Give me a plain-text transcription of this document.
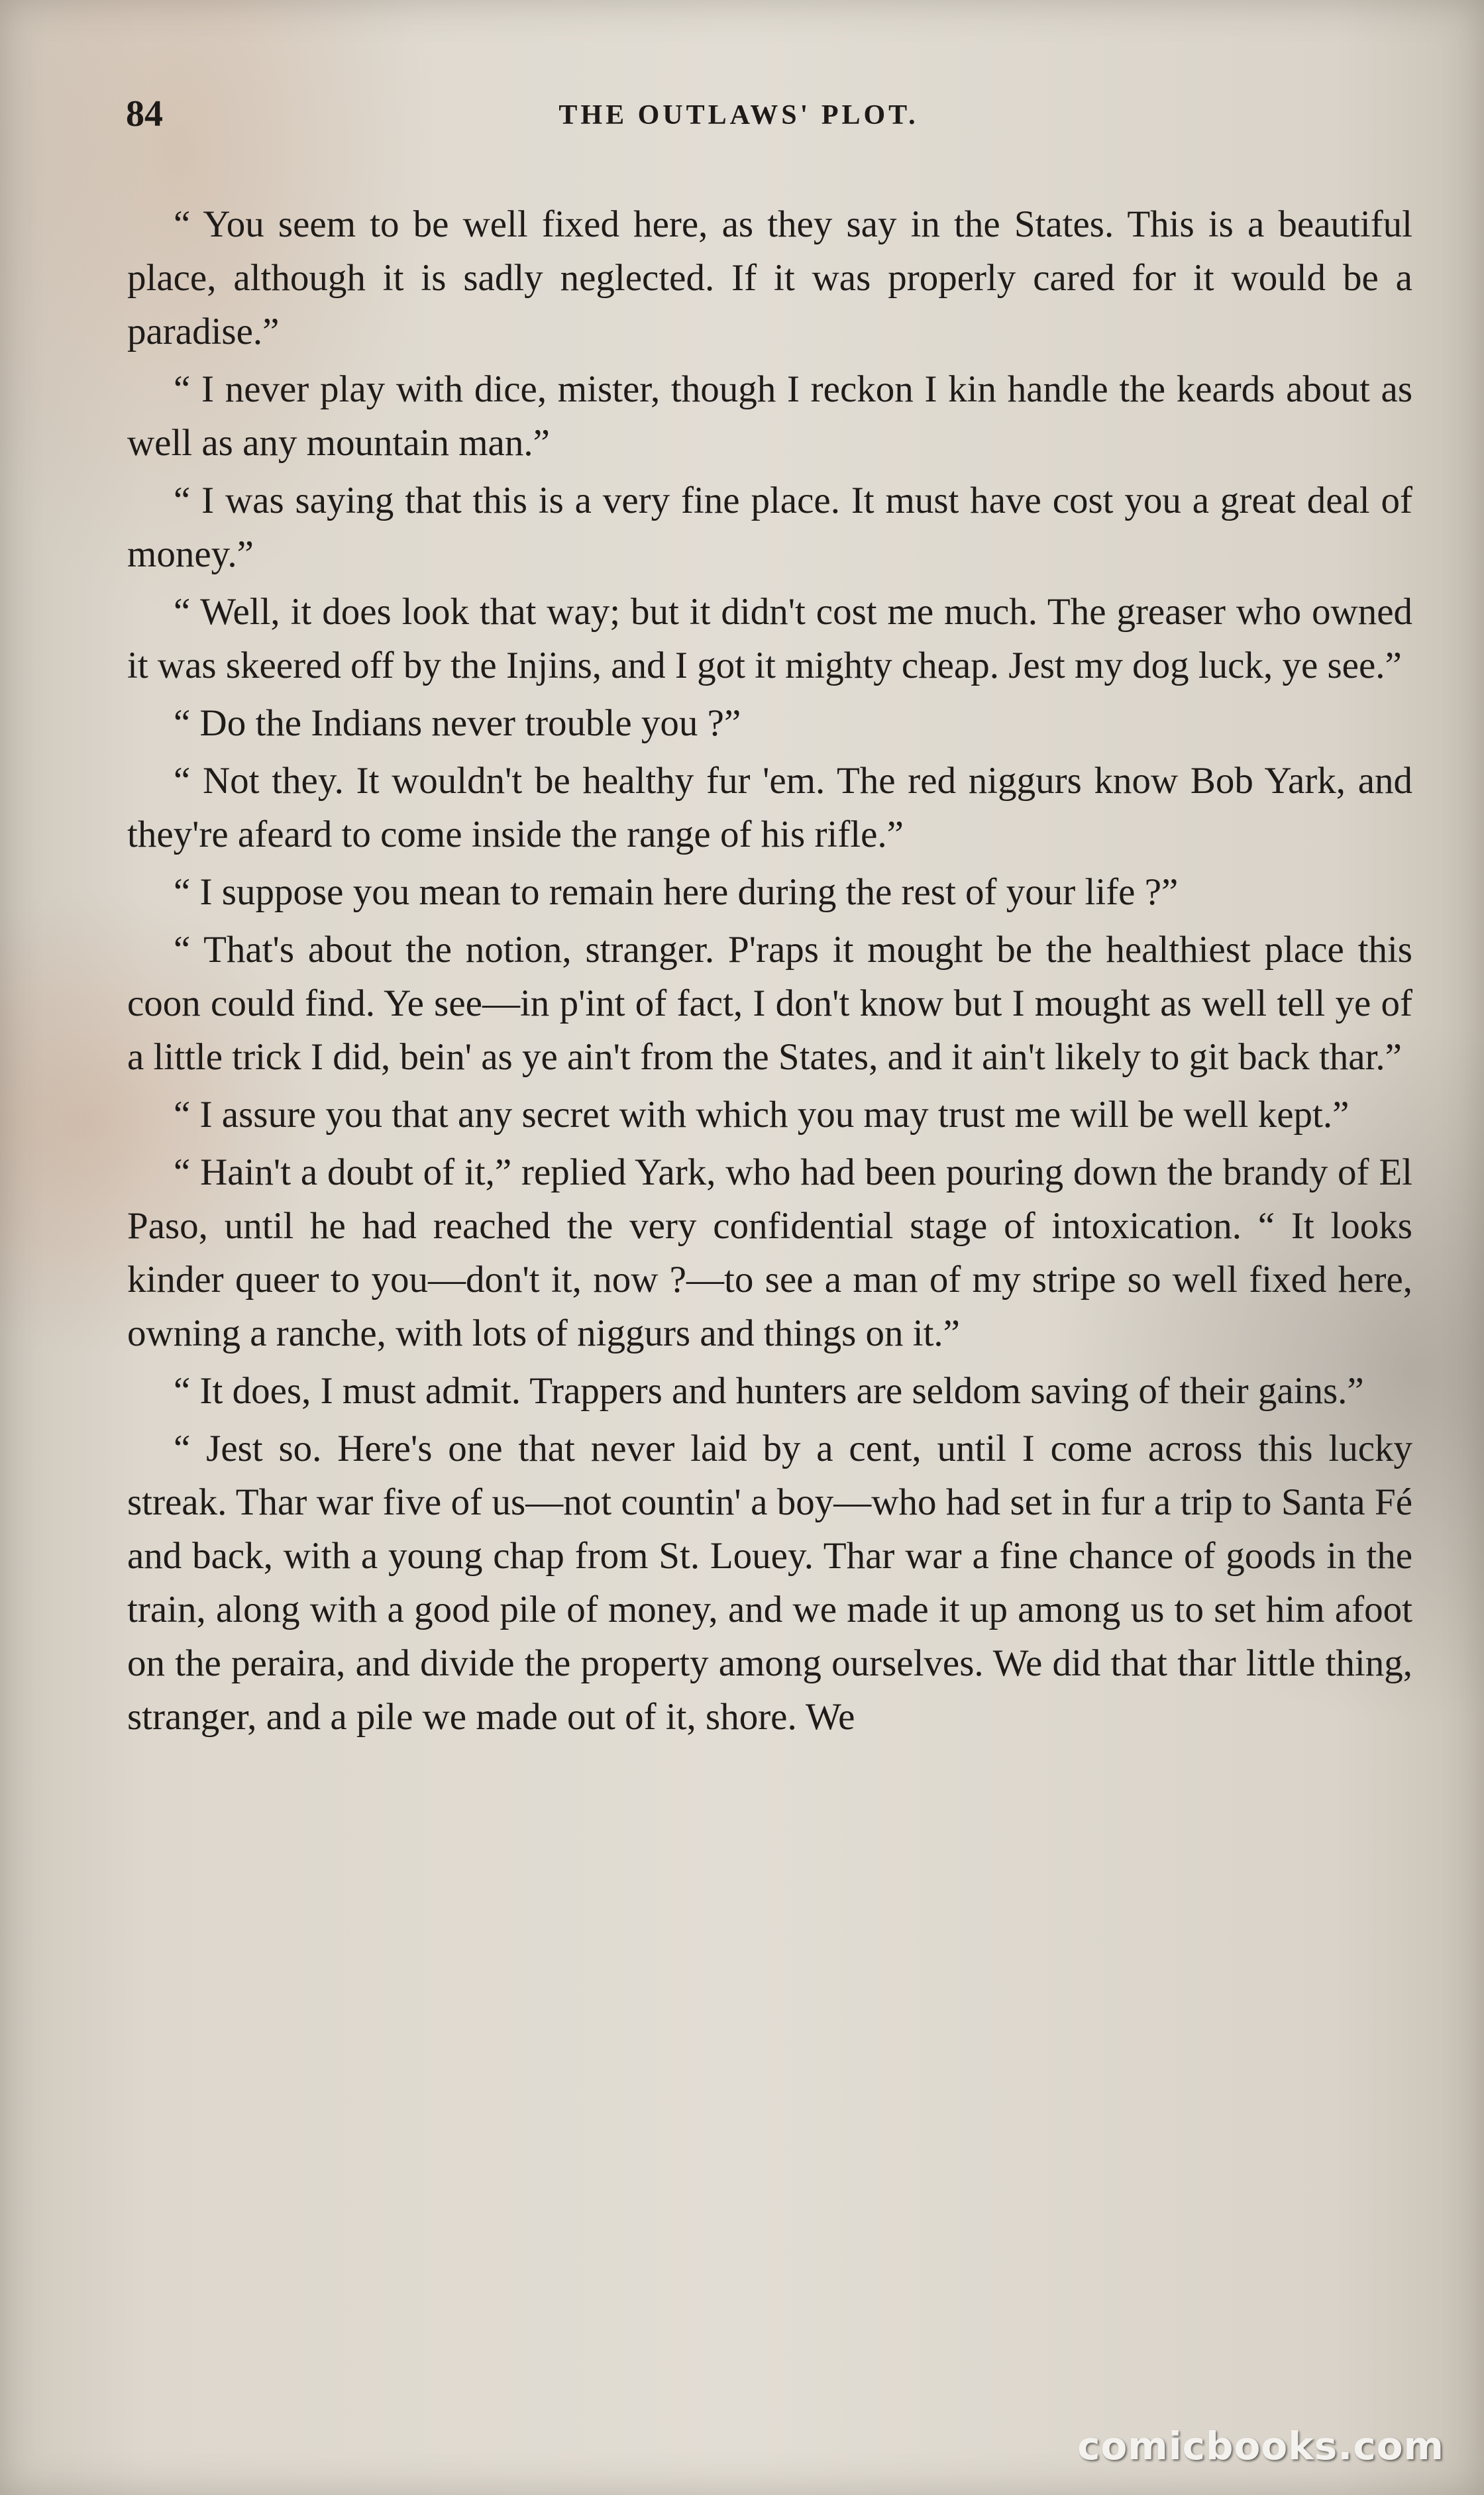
84	THE OUTLAWS' PLOT.

“ You seem to be well fixed here, as they say in the States. This is a beautiful place, although it is sadly neglected. If it was properly cared for it would be a paradise.”

“ I never play with dice, mister, though I reckon I kin handle the keards about as well as any mountain man.”

“ I was saying that this is a very fine place. It must have cost you a great deal of money.”

“ Well, it does look that way; but it didn't cost me much. The greaser who owned it was skeered off by the Injins, and I got it mighty cheap. Jest my dog luck, ye see.”

“ Do the Indians never trouble you ?”

“ Not they. It wouldn't be healthy fur 'em. The red niggurs know Bob Yark, and they're afeard to come inside the range of his rifle.”

“ I suppose you mean to remain here during the rest of your life ?”

“ That's about the notion, stranger. P'raps it mought be the healthiest place this coon could find. Ye see—in p'int of fact, I don't know but I mought as well tell ye of a little trick I did, bein' as ye ain't from the States, and it ain't likely to git back thar.”

“ I assure you that any secret with which you may trust me will be well kept.”

“ Hain't a doubt of it,” replied Yark, who had been pouring down the brandy of El Paso, until he had reached the very confidential stage of intoxication. “ It looks kinder queer to you—don't it, now ?—to see a man of my stripe so well fixed here, owning a ranche, with lots of niggurs and things on it.”

“ It does, I must admit. Trappers and hunters are seldom saving of their gains.”

“ Jest so. Here's one that never laid by a cent, until I come across this lucky streak. Thar war five of us—not countin' a boy—who had set in fur a trip to Santa Fé and back, with a young chap from St. Louey. Thar war a fine chance of goods in the train, along with a good pile of money, and we made it up among us to set him afoot on the peraira, and divide the property among ourselves. We did that thar little thing, stranger, and a pile we made out of it, shore. We

comicbooks.com
